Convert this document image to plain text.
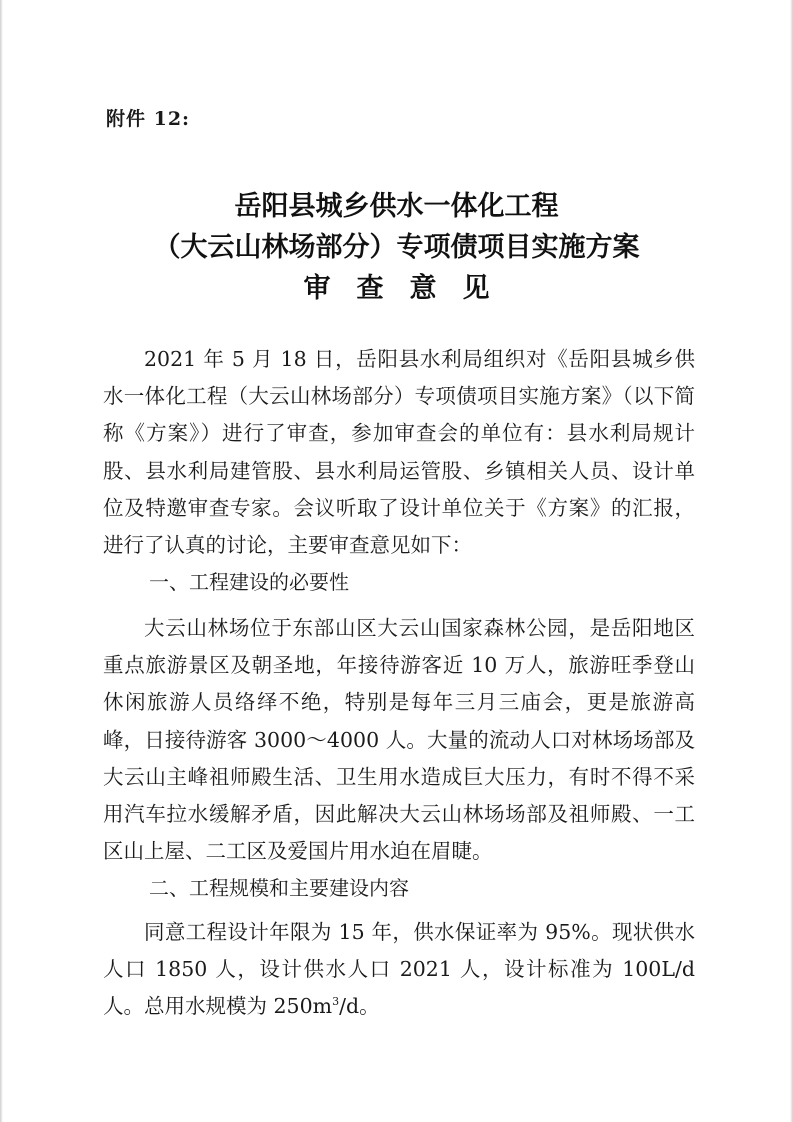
附件 12:
岳阳县城乡供水一体化工程
（大云山林场部分）专项债项目实施方案
审查意见

2021 年 5 月 18 日，岳阳县水利局组织对《岳阳县城乡供水一体化工程（大云山林场部分）专项债项目实施方案》（以下简称《方案》）进行了审查，参加审查会的单位有：县水利局规计股、县水利局建管股、县水利局运管股、乡镇相关人员、设计单位及特邀审查专家。会议听取了设计单位关于《方案》的汇报，进行了认真的讨论，主要审查意见如下：

一、工程建设的必要性

大云山林场位于东部山区大云山国家森林公园，是岳阳地区重点旅游景区及朝圣地，年接待游客近 10 万人，旅游旺季登山休闲旅游人员络绎不绝，特别是每年三月三庙会，更是旅游高峰，日接待游客 3000～4000 人。大量的流动人口对林场场部及大云山主峰祖师殿生活、卫生用水造成巨大压力，有时不得不采用汽车拉水缓解矛盾，因此解决大云山林场场部及祖师殿、一工区山上屋、二工区及爱国片用水迫在眉睫。

二、工程规模和主要建设内容

同意工程设计年限为 15 年，供水保证率为 95%。现状供水人口 1850 人，设计供水人口 2021 人，设计标准为 100L/d 人。总用水规模为 $250m^3/d$。
